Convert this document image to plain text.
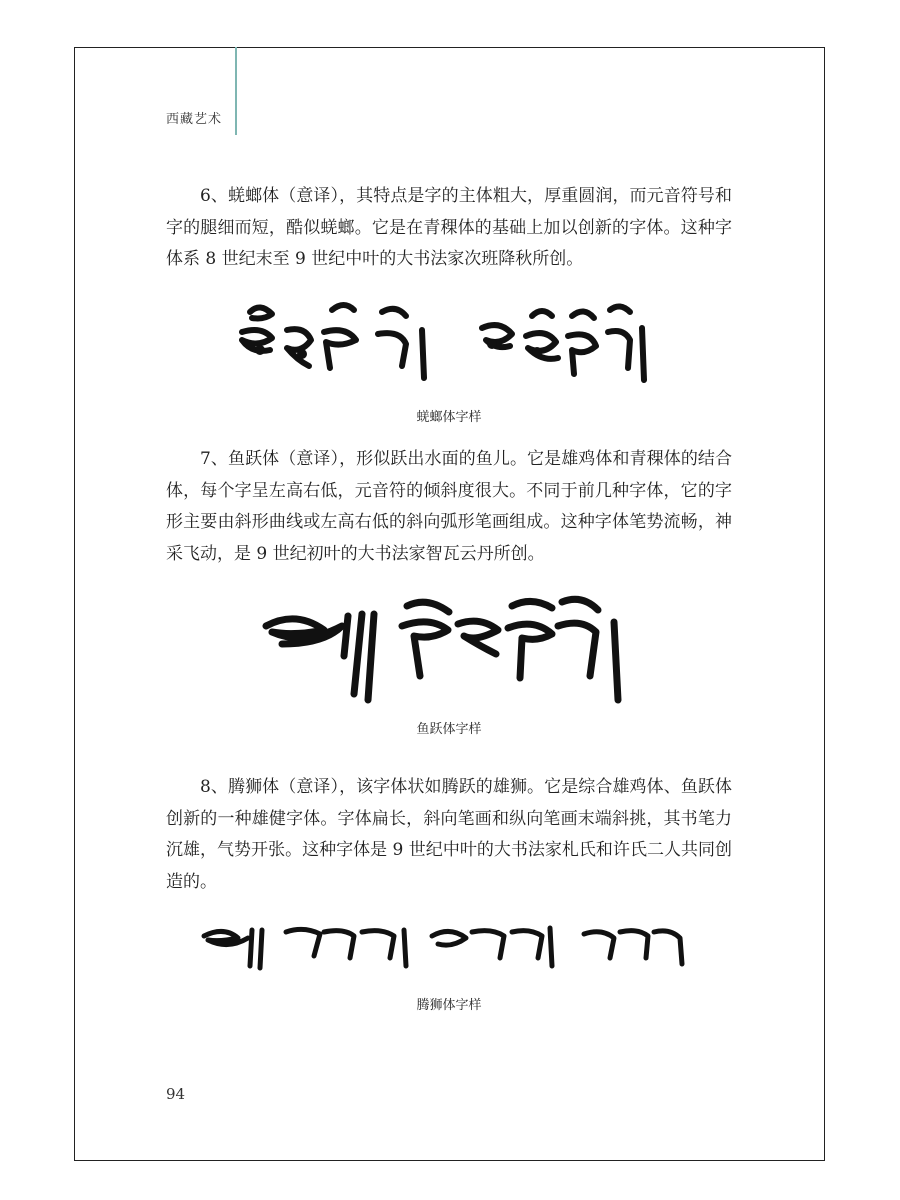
西藏艺术

6、蜣螂体（意译），其特点是字的主体粗大，厚重圆润，而元音符号和字的腿细而短，酷似蜣螂。它是在青稞体的基础上加以创新的字体。这种字体系 8 世纪末至 9 世纪中叶的大书法家次班降秋所创。

蜣螂体字样

7、鱼跃体（意译），形似跃出水面的鱼儿。它是雄鸡体和青稞体的结合体，每个字呈左高右低，元音符的倾斜度很大。不同于前几种字体，它的字形主要由斜形曲线或左高右低的斜向弧形笔画组成。这种字体笔势流畅，神采飞动，是 9 世纪初叶的大书法家智瓦云丹所创。

鱼跃体字样

8、腾狮体（意译），该字体状如腾跃的雄狮。它是综合雄鸡体、鱼跃体创新的一种雄健字体。字体扁长，斜向笔画和纵向笔画末端斜挑，其书笔力沉雄，气势开张。这种字体是 9 世纪中叶的大书法家札氏和许氏二人共同创造的。

腾狮体字样
94
